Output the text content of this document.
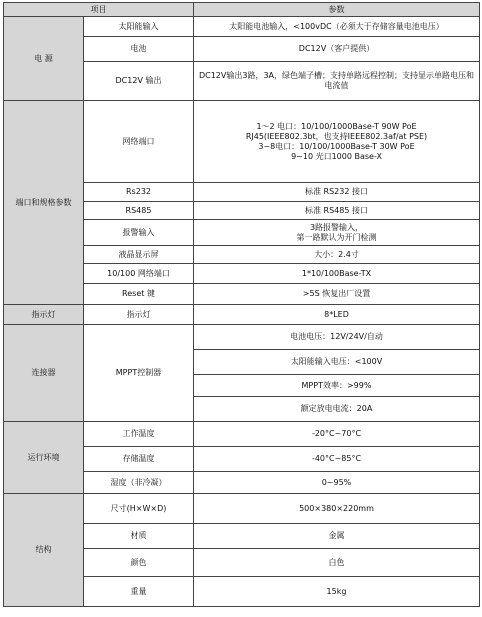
项目		参数
电 源	太阳能输入	太阳能电池输入，<100vDC（必须大于存储容量电池电压）
	电池	DC12V（客户提供）
	DC12V 输出	DC12V输出3路，3A，绿色端子槽；支持单路远程控制；支持显示单路电压和电流值
端口和规格参数	网络端口	1～2 电口：10/100/1000Base-T 90W PoE
RJ45(IEEE802.3bt，也支持IEEE802.3af/at PSE)
3~8电口：10/100/1000Base-T 30W PoE
9~10 光口1000 Base-X
	Rs232	标准 RS232 接口
	RS485	标准 RS485 接口
	报警输入	3路报警输入，
第一路默认为开门检测
	液晶显示屏	大小：2.4寸
	10/100 网络端口	1*10/100Base-TX
	Reset 键	>5S 恢复出厂设置
指示灯	指示灯	8*LED
连接器	MPPT控制器	电池电压：12V/24V/自动
		太阳能输入电压：<100V
		MPPT效率：>99%
		额定放电电流：20A
运行环境	工作温度	-20°C~70°C
	存储温度	-40°C~85°C
	湿度（非冷凝）	0~95%
结构	尺寸(H×W×D)	500×380×220mm
	材质	金属
	颜色	白色
	重量	15kg
